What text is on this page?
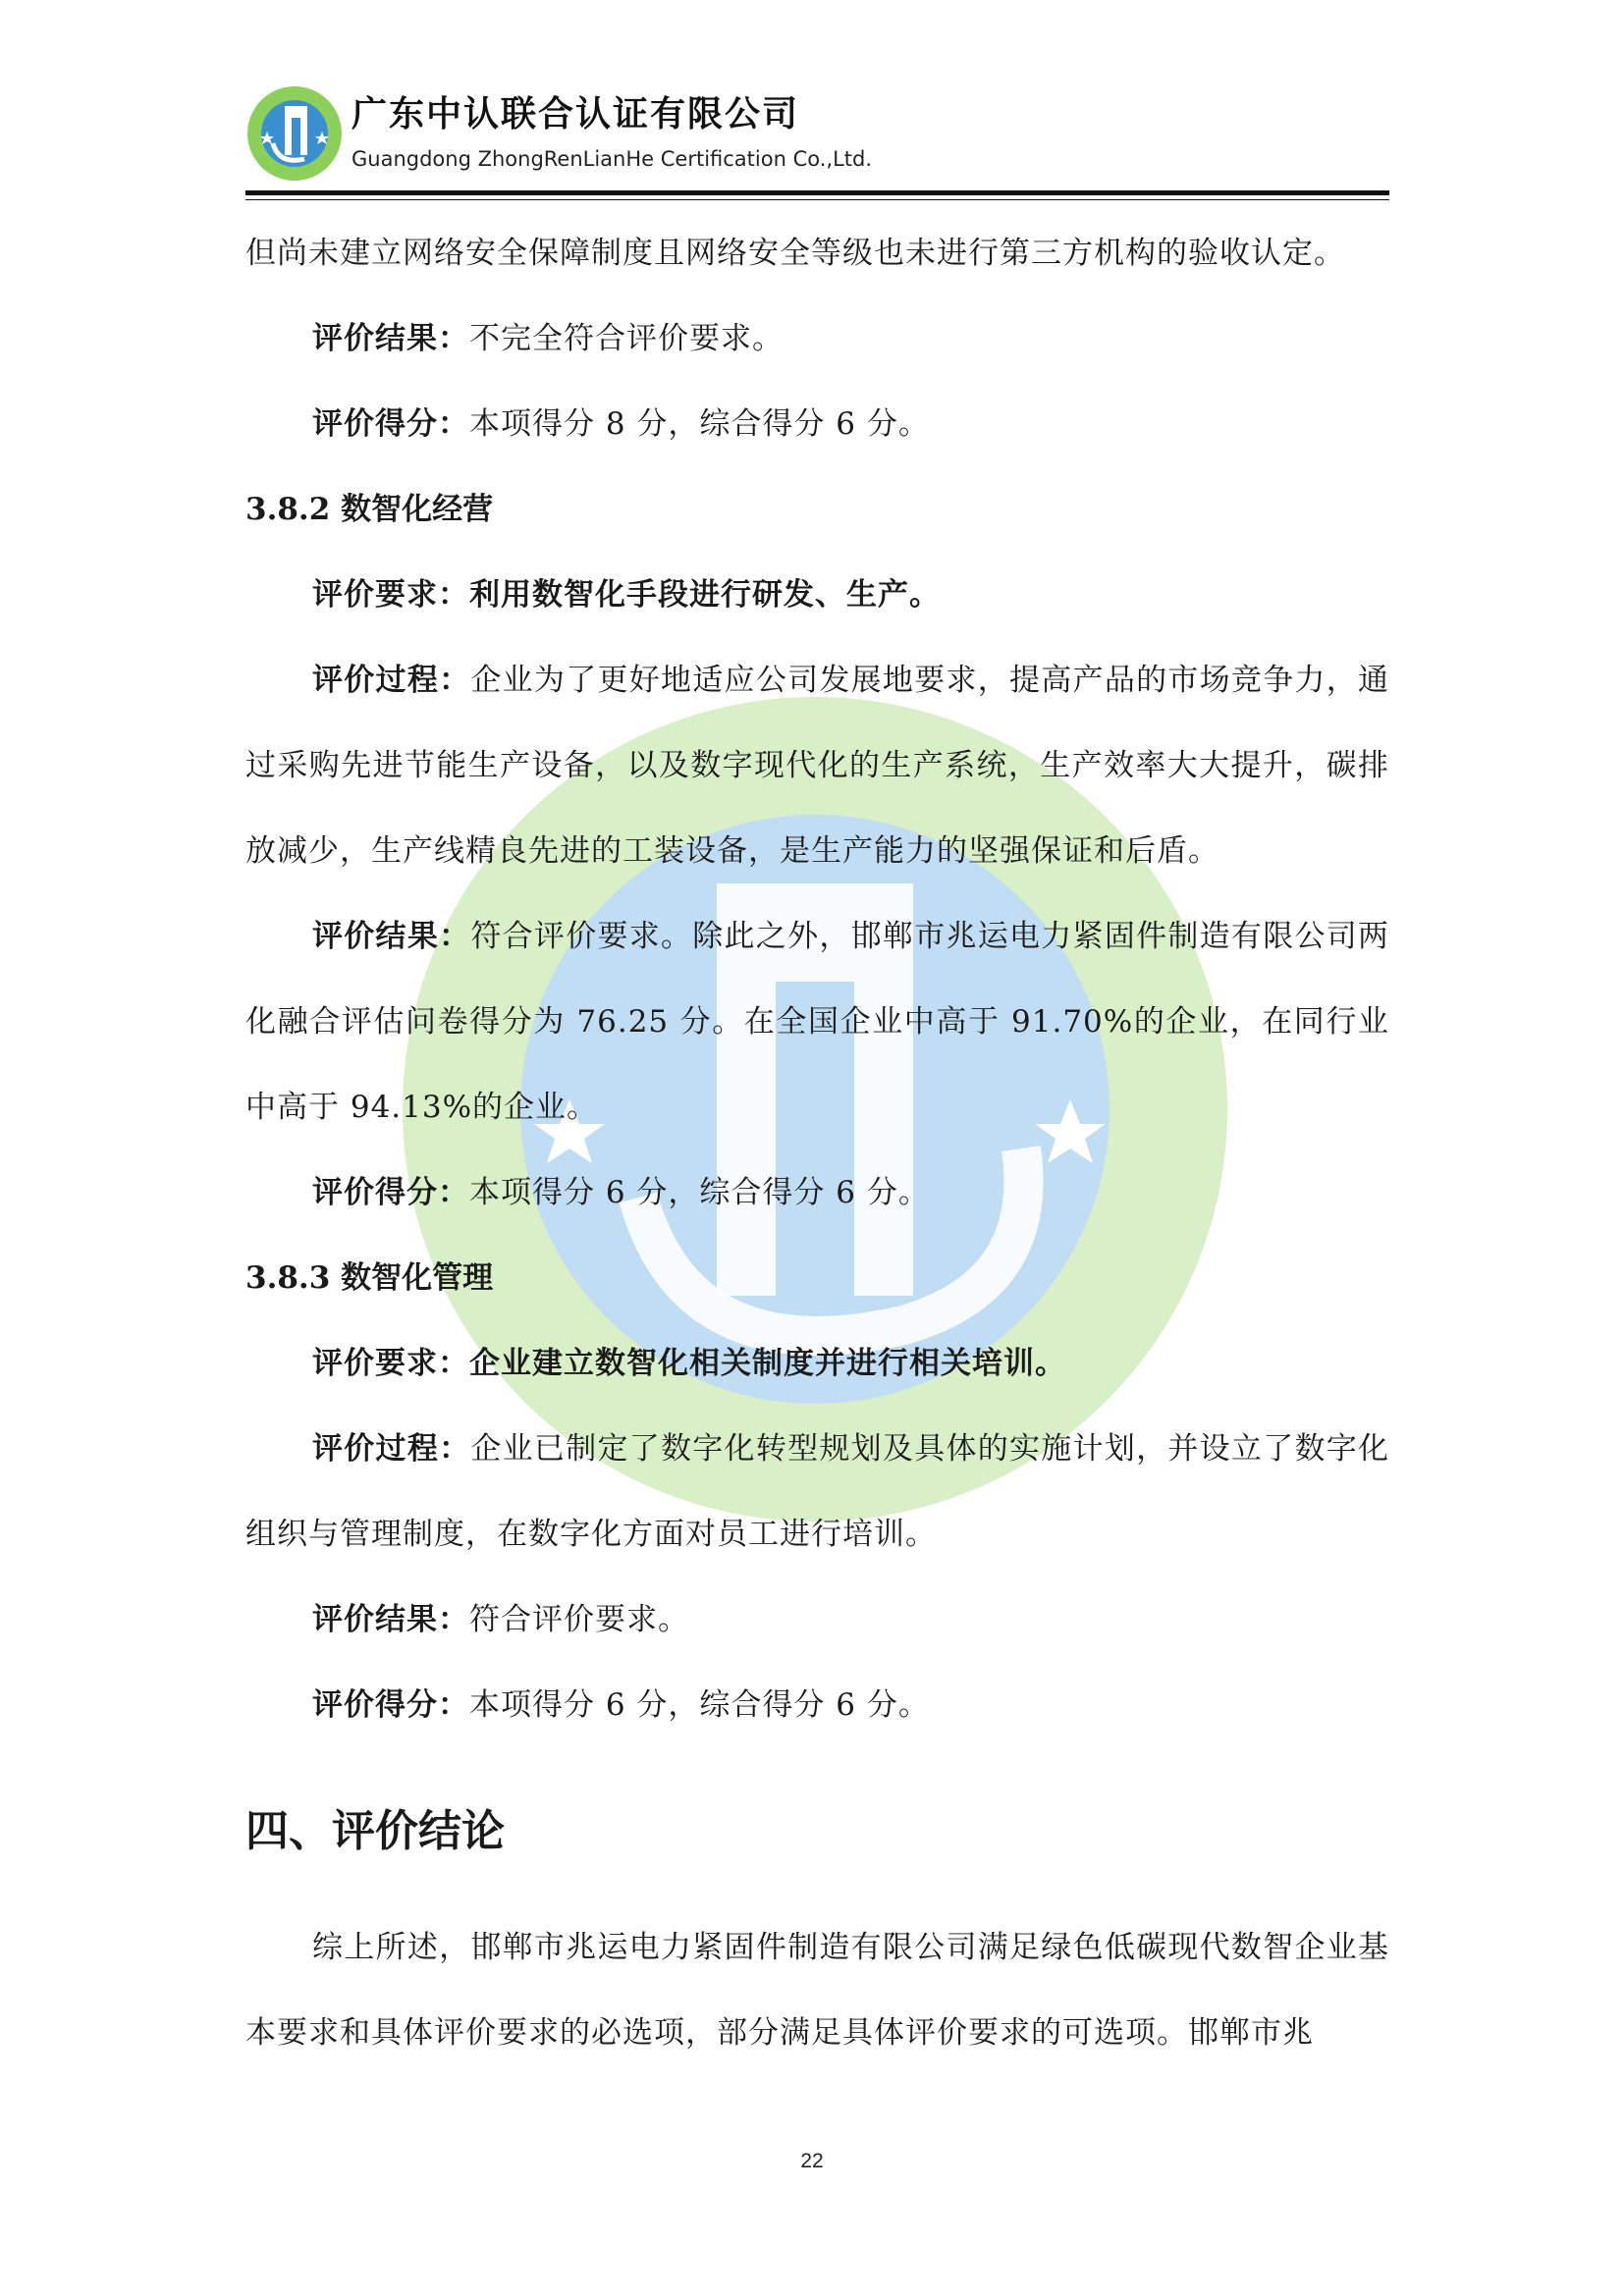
广东中认联合认证有限公司
Guangdong ZhongRenLianHe Certification Co.,Ltd.

但尚未建立网络安全保障制度且网络安全等级也未进行第三方机构的验收认定。

评价结果：不完全符合评价要求。

评价得分：本项得分 8 分，综合得分 6 分。

3.8.2 数智化经营

评价要求：利用数智化手段进行研发、生产。

评价过程：企业为了更好地适应公司发展地要求，提高产品的市场竞争力，通过采购先进节能生产设备，以及数字现代化的生产系统，生产效率大大提升，碳排放减少，生产线精良先进的工装设备，是生产能力的坚强保证和后盾。

评价结果：符合评价要求。除此之外，邯郸市兆运电力紧固件制造有限公司两化融合评估问卷得分为 76.25 分。在全国企业中高于 91.70%的企业，在同行业中高于 94.13%的企业。

评价得分：本项得分 6 分，综合得分 6 分。

3.8.3 数智化管理

评价要求：企业建立数智化相关制度并进行相关培训。

评价过程：企业已制定了数字化转型规划及具体的实施计划，并设立了数字化组织与管理制度，在数字化方面对员工进行培训。

评价结果：符合评价要求。

评价得分：本项得分 6 分，综合得分 6 分。

四、评价结论

综上所述，邯郸市兆运电力紧固件制造有限公司满足绿色低碳现代数智企业基本要求和具体评价要求的必选项，部分满足具体评价要求的可选项。邯郸市兆

22
